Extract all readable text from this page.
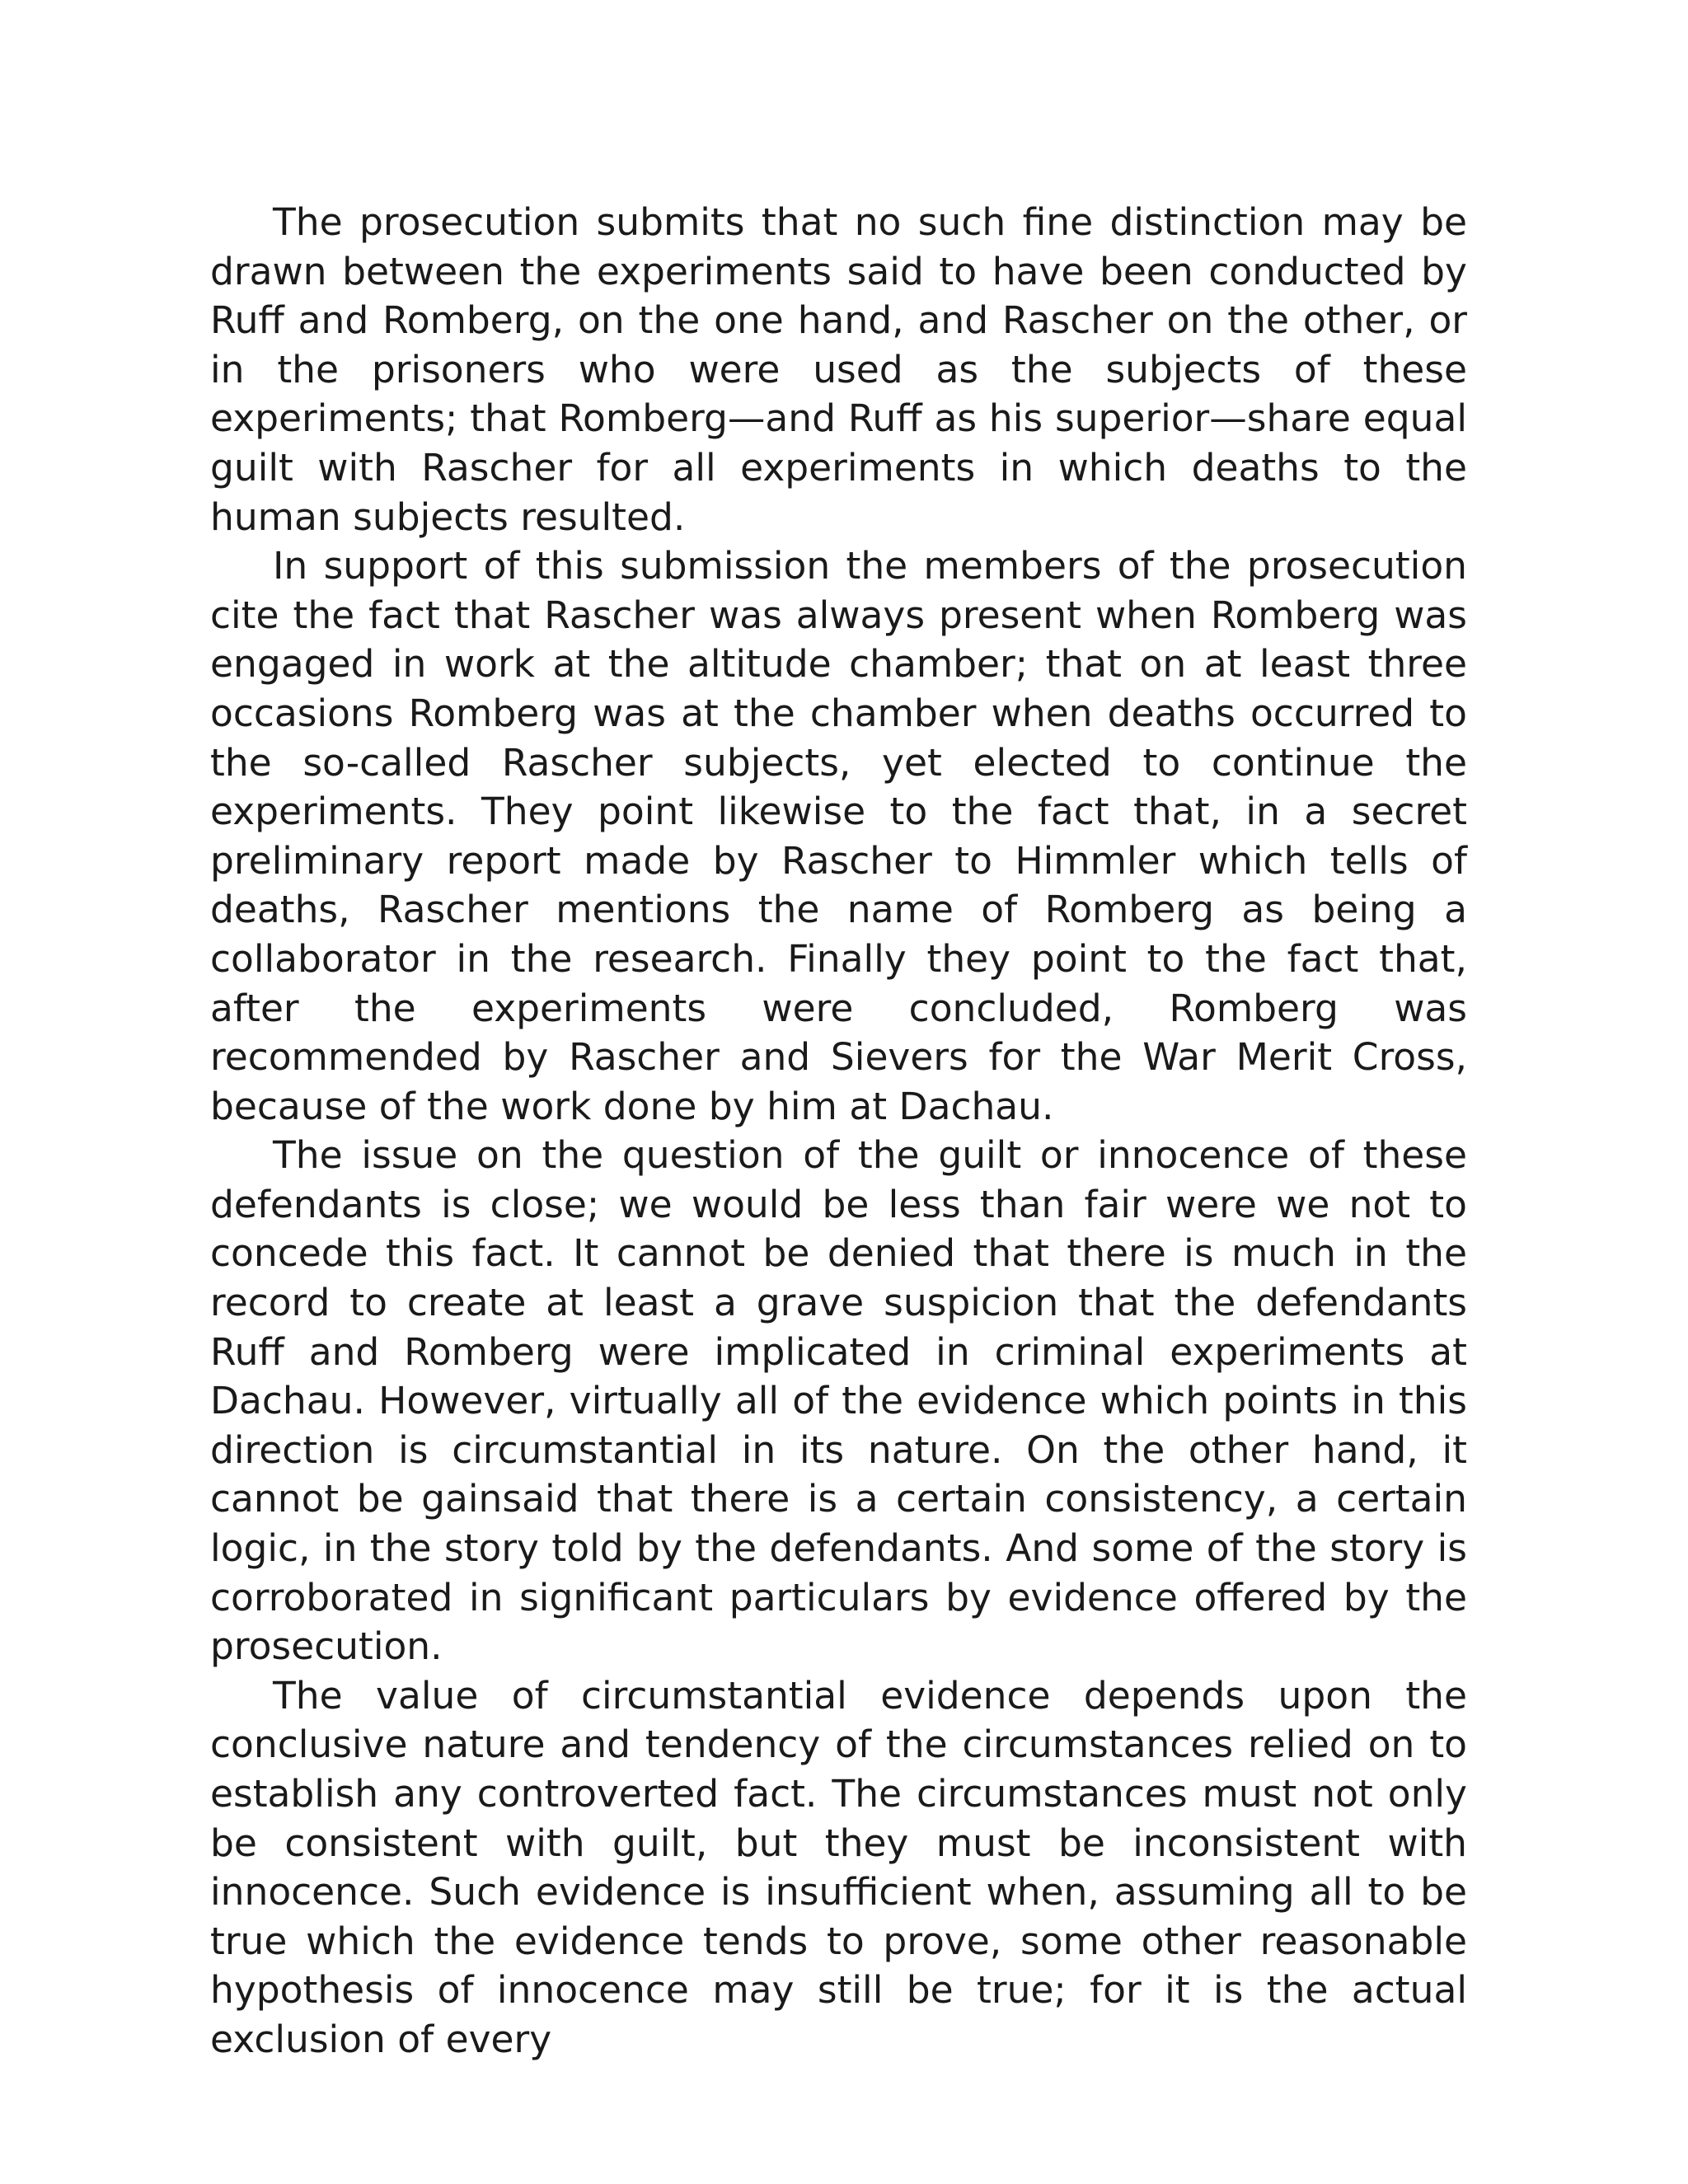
The prosecution submits that no such fine distinction may be drawn between the experiments said to have been conducted by Ruff and Romberg, on the one hand, and Rascher on the other, or in the prisoners who were used as the subjects of these experiments; that Romberg—and Ruff as his superior—share equal guilt with Rascher for all experiments in which deaths to the human subjects resulted.

In support of this submission the members of the prosecution cite the fact that Rascher was always present when Romberg was engaged in work at the altitude chamber; that on at least three occasions Romberg was at the chamber when deaths occurred to the so-called Rascher subjects, yet elected to continue the experiments. They point likewise to the fact that, in a secret preliminary report made by Rascher to Himmler which tells of deaths, Rascher mentions the name of Romberg as being a collaborator in the research. Finally they point to the fact that, after the experiments were concluded, Romberg was recommended by Rascher and Sievers for the War Merit Cross, because of the work done by him at Dachau.

The issue on the question of the guilt or innocence of these defendants is close; we would be less than fair were we not to concede this fact. It cannot be denied that there is much in the record to create at least a grave suspicion that the defendants Ruff and Romberg were implicated in criminal experiments at Dachau. However, virtually all of the evidence which points in this direction is circumstantial in its nature. On the other hand, it cannot be gainsaid that there is a certain consistency, a certain logic, in the story told by the defendants. And some of the story is corroborated in significant particulars by evidence offered by the prosecution.

The value of circumstantial evidence depends upon the conclusive nature and tendency of the circumstances relied on to establish any controverted fact. The circumstances must not only be consistent with guilt, but they must be inconsistent with innocence. Such evidence is insufficient when, assuming all to be true which the evidence tends to prove, some other reasonable hypothesis of innocence may still be true; for it is the actual exclusion of every
